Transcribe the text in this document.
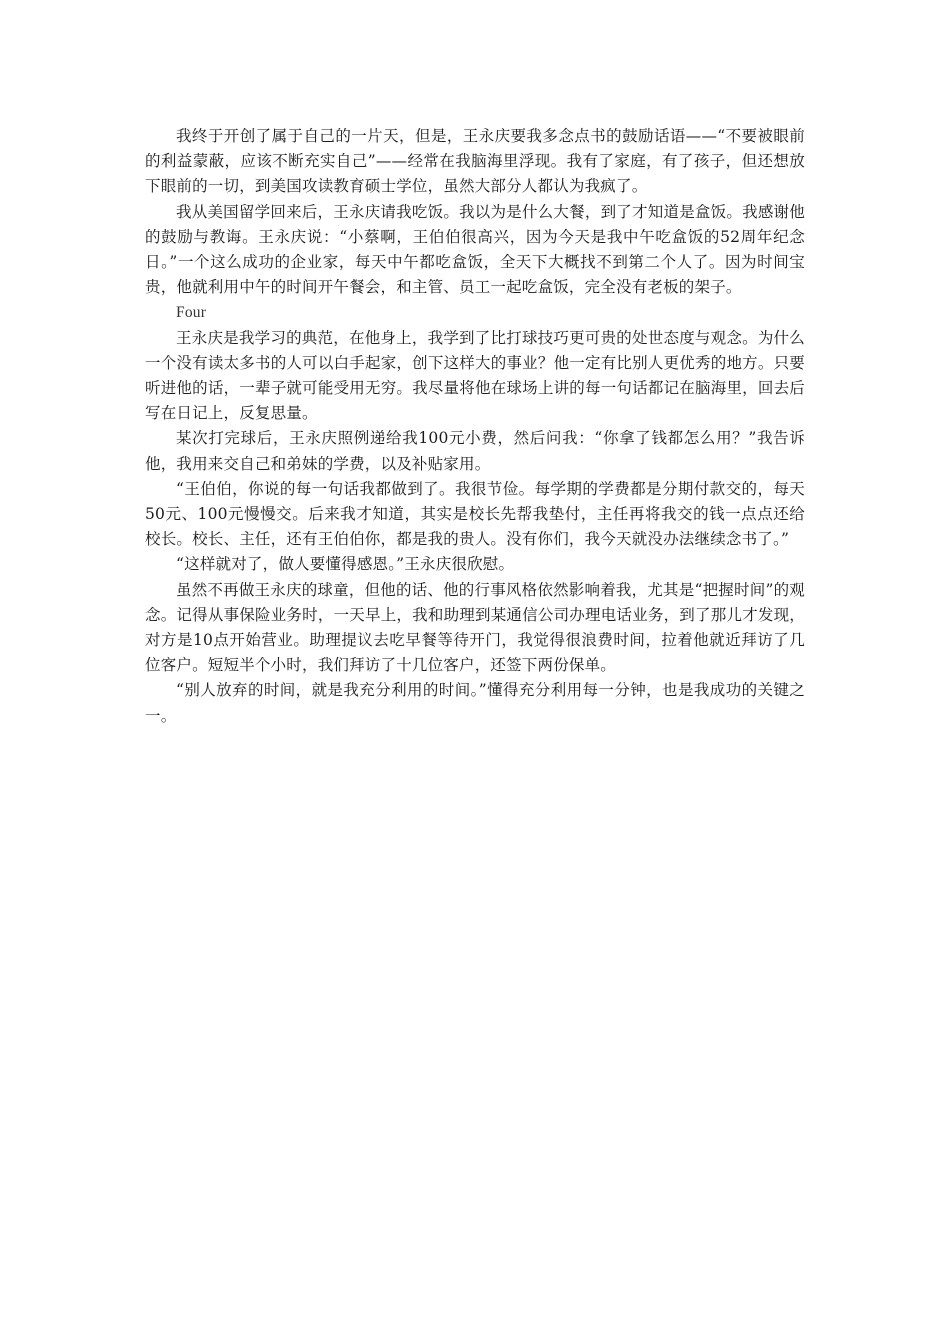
我终于开创了属于自己的一片天，但是，王永庆要我多念点书的鼓励话语——“不要被眼前的利益蒙蔽，应该不断充实自己”——经常在我脑海里浮现。我有了家庭，有了孩子，但还想放下眼前的一切，到美国攻读教育硕士学位，虽然大部分人都认为我疯了。

我从美国留学回来后，王永庆请我吃饭。我以为是什么大餐，到了才知道是盒饭。我感谢他的鼓励与教诲。王永庆说：“小蔡啊，王伯伯很高兴，因为今天是我中午吃盒饭的52周年纪念日。”一个这么成功的企业家，每天中午都吃盒饭，全天下大概找不到第二个人了。因为时间宝贵，他就利用中午的时间开午餐会，和主管、员工一起吃盒饭，完全没有老板的架子。

Four

王永庆是我学习的典范，在他身上，我学到了比打球技巧更可贵的处世态度与观念。为什么一个没有读太多书的人可以白手起家，创下这样大的事业？他一定有比别人更优秀的地方。只要听进他的话，一辈子就可能受用无穷。我尽量将他在球场上讲的每一句话都记在脑海里，回去后写在日记上，反复思量。

某次打完球后，王永庆照例递给我100元小费，然后问我：“你拿了钱都怎么用？”我告诉他，我用来交自己和弟妹的学费，以及补贴家用。

“王伯伯，你说的每一句话我都做到了。我很节俭。每学期的学费都是分期付款交的，每天50元、100元慢慢交。后来我才知道，其实是校长先帮我垫付，主任再将我交的钱一点点还给校长。校长、主任，还有王伯伯你，都是我的贵人。没有你们，我今天就没办法继续念书了。”

“这样就对了，做人要懂得感恩。”王永庆很欣慰。

虽然不再做王永庆的球童，但他的话、他的行事风格依然影响着我，尤其是“把握时间”的观念。记得从事保险业务时，一天早上，我和助理到某通信公司办理电话业务，到了那儿才发现，对方是10点开始营业。助理提议去吃早餐等待开门，我觉得很浪费时间，拉着他就近拜访了几位客户。短短半个小时，我们拜访了十几位客户，还签下两份保单。

“别人放弃的时间，就是我充分利用的时间。”懂得充分利用每一分钟，也是我成功的关键之一。
